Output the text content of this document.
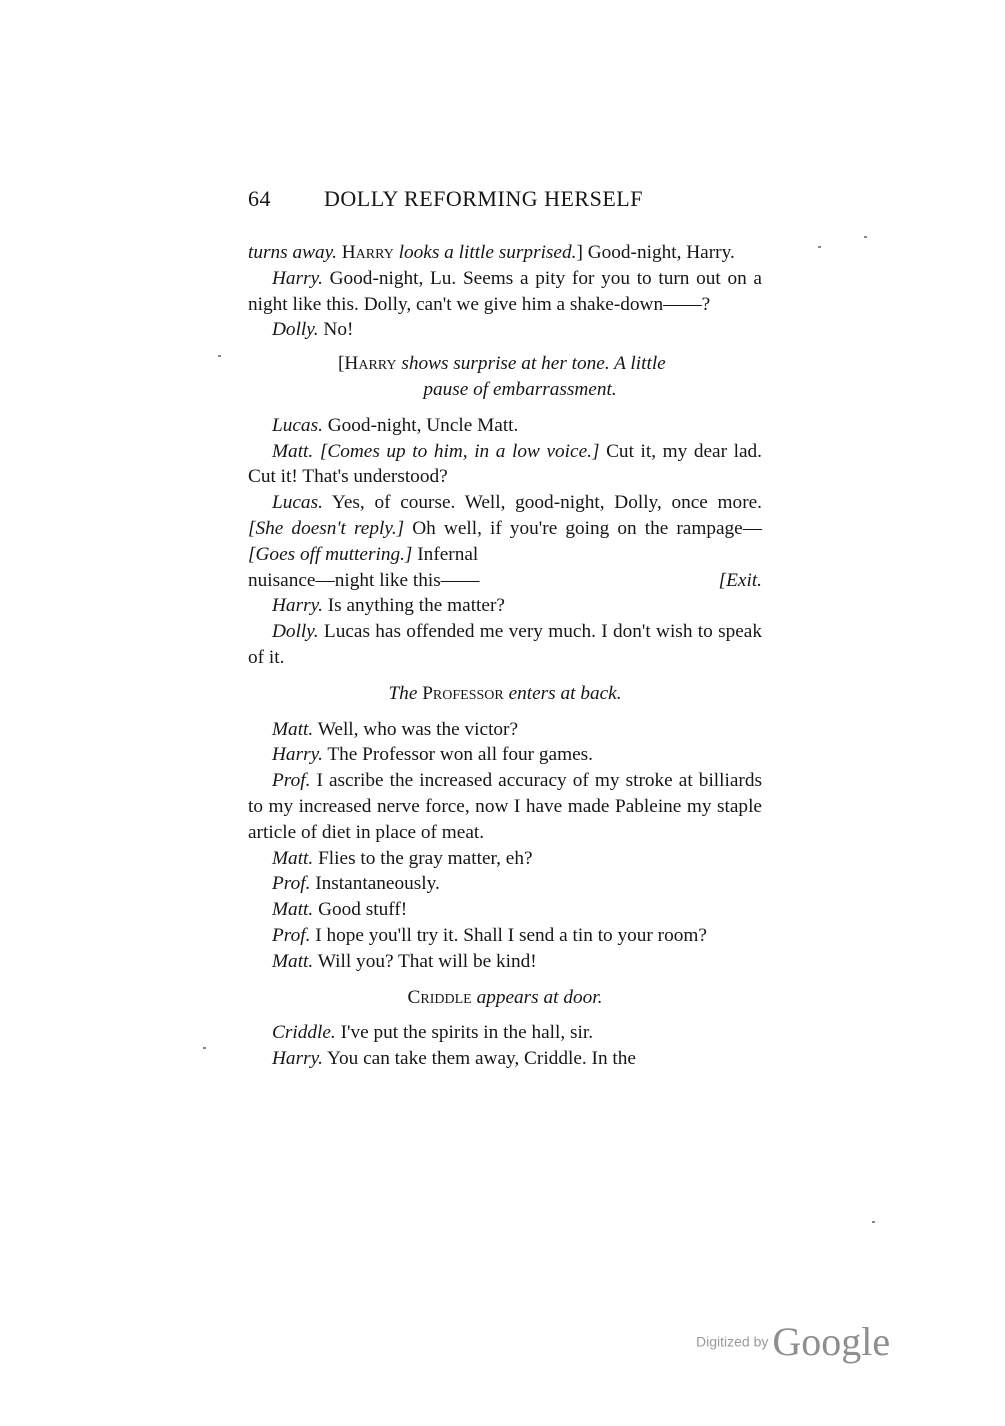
64 DOLLY REFORMING HERSELF

turns away. Harry looks a little surprised.] Good-night, Harry.

Harry. Good-night, Lu. Seems a pity for you to turn out on a night like this. Dolly, can't we give him a shake-down——?

Dolly. No!

[Harry shows surprise at her tone. A little
pause of embarrassment.

Lucas. Good-night, Uncle Matt.

Matt. [Comes up to him, in a low voice.] Cut it, my dear lad. Cut it! That's understood?

Lucas. Yes, of course. Well, good-night, Dolly, once more. [She doesn't reply.] Oh well, if you're going on the rampage—[Goes off muttering.] Infernal

nuisance—night like this——	[Exit.

Harry. Is anything the matter?

Dolly. Lucas has offended me very much. I don't wish to speak of it.

The Professor enters at back.

Matt. Well, who was the victor?

Harry. The Professor won all four games.

Prof. I ascribe the increased accuracy of my stroke at billiards to my increased nerve force, now I have made Pableine my staple article of diet in place of meat.

Matt. Flies to the gray matter, eh?

Prof. Instantaneously.

Matt. Good stuff!

Prof. I hope you'll try it. Shall I send a tin to your room?

Matt. Will you? That will be kind!

Criddle appears at door.

Criddle. I've put the spirits in the hall, sir.

Harry. You can take them away, Criddle. In the

Digitized by Google
